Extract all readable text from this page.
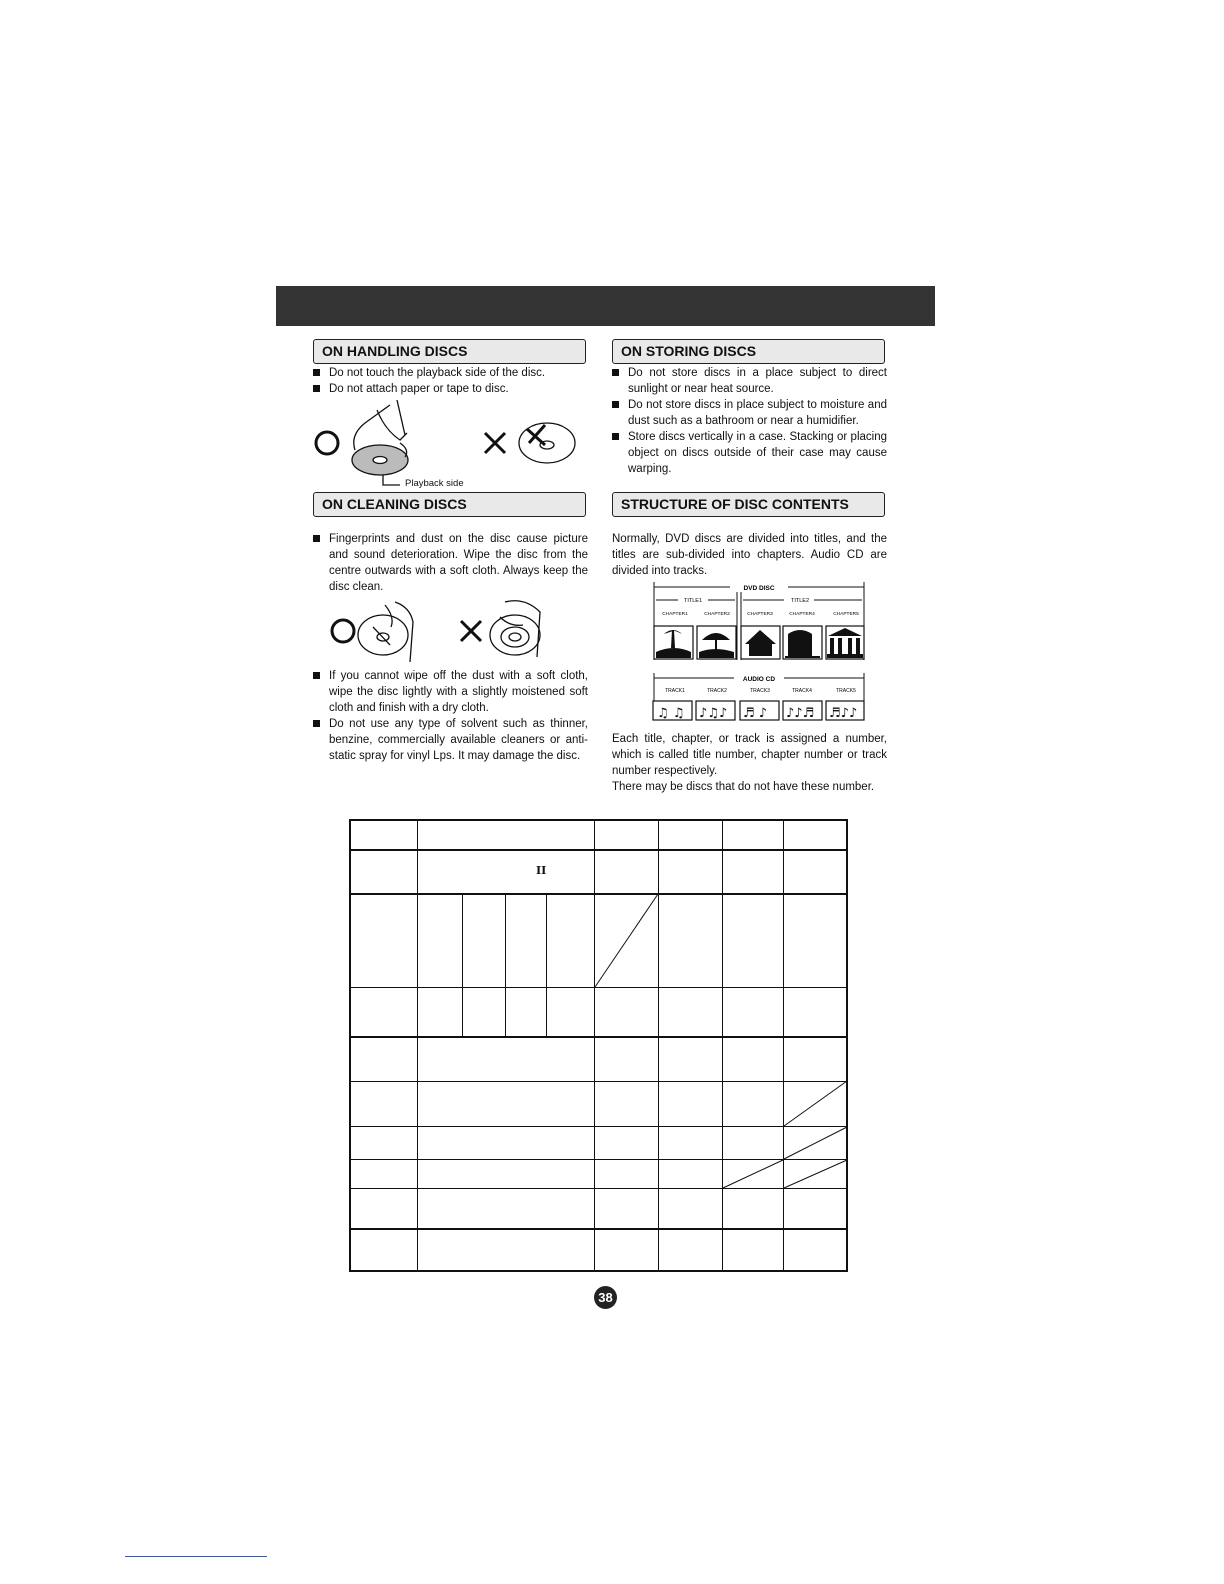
ON HANDLING DISCS

Do not touch the playback side of the disc.

Do not attach paper or tape to disc.

Playback side
ON STORING DISCS

Do not store discs in a place subject to direct sunlight or near heat source.

Do not store discs in place subject to moisture and dust such as a bathroom or near a humidifier.

Store discs vertically in a case. Stacking or placing object on discs outside of their case may cause warping.

ON CLEANING DISCS

Fingerprints and dust on the disc cause picture and sound deterioration. Wipe the disc from the centre outwards with a soft cloth. Always keep the disc clean.

If you cannot wipe off the dust with a soft cloth, wipe the disc lightly with a slightly moistened soft cloth and finish with a dry cloth.

Do not use any type of solvent such as thinner, benzine, commercially available cleaners or anti-static spray for vinyl Lps. It may damage the disc.

STRUCTURE OF DISC CONTENTS
Normally, DVD discs are divided into titles, and the titles are sub-divided into chapters. Audio CD are divided into tracks.
DVD DISC
TITLE1	TITLE2
CHAPTER1	CHAPTER2	CHAPTER3	CHAPTER4	CHAPTER5
AUDIO CD
TRACK1	TRACK2	TRACK3	TRACK4	TRACK5
♫ ♫ ♪♫♪ ♬ ♪ ♪♪♬ ♬♪♪
Each title, chapter, or track is assigned a number, which is called title number, chapter number or track number respectively.
There may be discs that do not have these number.
II
38
